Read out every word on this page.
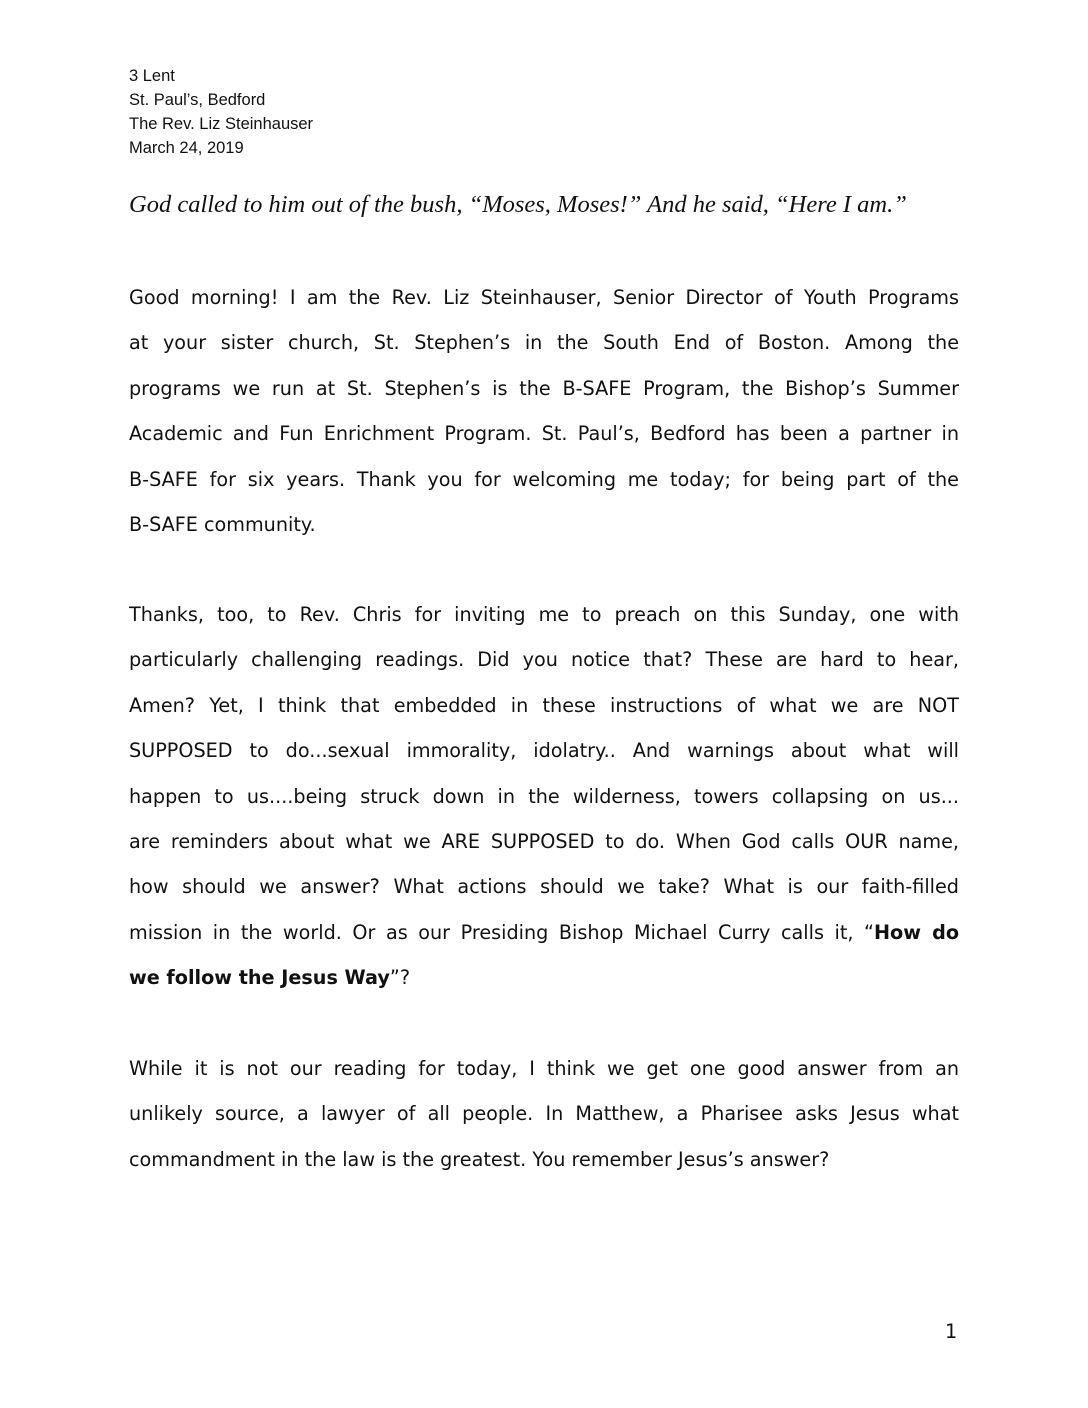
3 Lent
St. Paul’s, Bedford
The Rev. Liz Steinhauser
March 24, 2019
God called to him out of the bush, “Moses, Moses!” And he said, “Here I am.”
Good morning! I am the Rev. Liz Steinhauser, Senior Director of Youth Programs
at your sister church, St. Stephen’s in the South End of Boston. Among the
programs we run at St. Stephen’s is the B-SAFE Program, the Bishop’s Summer
Academic and Fun Enrichment Program. St. Paul’s, Bedford has been a partner in
B-SAFE for six years. Thank you for welcoming me today; for being part of the
B-SAFE community.
Thanks, too, to Rev. Chris for inviting me to preach on this Sunday, one with
particularly challenging readings. Did you notice that? These are hard to hear,
Amen? Yet, I think that embedded in these instructions of what we are NOT
SUPPOSED to do...sexual immorality, idolatry.. And warnings about what will
happen to us....being struck down in the wilderness, towers collapsing on us...
are reminders about what we ARE SUPPOSED to do. When God calls OUR name,
how should we answer? What actions should we take? What is our faith-filled
mission in the world. Or as our Presiding Bishop Michael Curry calls it, “How do
we follow the Jesus Way”?
While it is not our reading for today, I think we get one good answer from an
unlikely source, a lawyer of all people. In Matthew, a Pharisee asks Jesus what
commandment in the law is the greatest. You remember Jesus’s answer?
1
